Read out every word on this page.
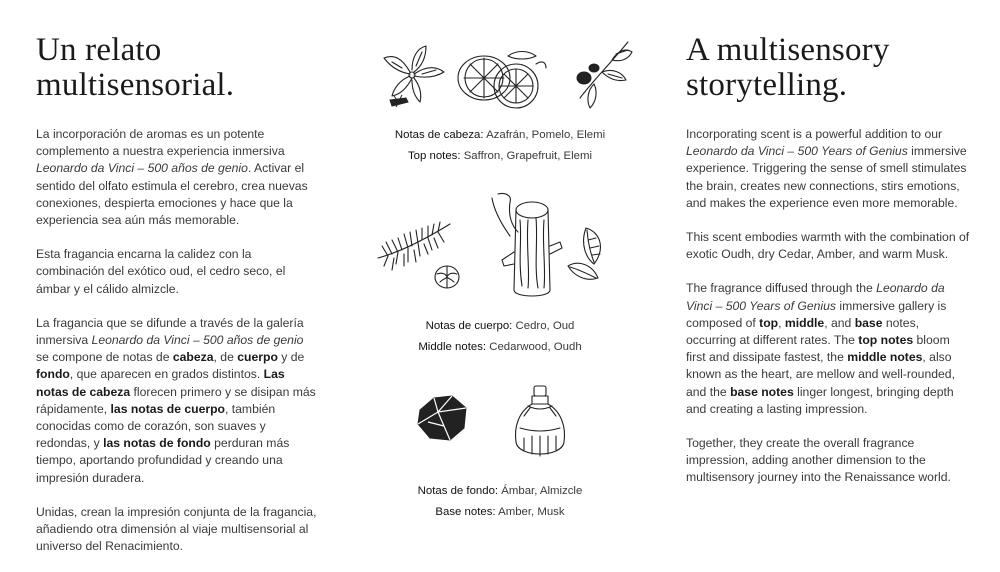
Un relato
multisensorial.

La incorporación de aromas es un potente complemento a nuestra experiencia inmersiva Leonardo da Vinci – 500 años de genio. Activar el sentido del olfato estimula el cerebro, crea nuevas conexiones, despierta emociones y hace que la experiencia sea aún más memorable.

Esta fragancia encarna la calidez con la combinación del exótico oud, el cedro seco, el ámbar y el cálido almizcle.

La fragancia que se difunde a través de la galería inmersiva Leonardo da Vinci – 500 años de genio se compone de notas de cabeza, de cuerpo y de fondo, que aparecen en grados distintos. Las notas de cabeza florecen primero y se disipan más rápidamente, las notas de cuerpo, también conocidas como de corazón, son suaves y redondas, y las notas de fondo perduran más tiempo, aportando profundidad y creando una impresión duradera.

Unidas, crean la impresión conjunta de la fragancia, añadiendo otra dimensión al viaje multisensorial al universo del Renacimiento.

Notas de cabeza: Azafrán, Pomelo, Elemi
Top notes: Saffron, Grapefruit, Elemi
Notas de cuerpo: Cedro, Oud
Middle notes: Cedarwood, Oudh
Notas de fondo: Ámbar, Almizcle
Base notes: Amber, Musk
A multisensory
storytelling.

Incorporating scent is a powerful addition to our Leonardo da Vinci – 500 Years of Genius immersive experience. Triggering the sense of smell stimulates the brain, creates new connections, stirs emotions, and makes the experience even more memorable.

This scent embodies warmth with the combination of exotic Oudh, dry Cedar, Amber, and warm Musk.

The fragrance diffused through the Leonardo da Vinci – 500 Years of Genius immersive gallery is composed of top, middle, and base notes, occurring at different rates. The top notes bloom first and dissipate fastest, the middle notes, also known as the heart, are mellow and well-rounded, and the base notes linger longest, bringing depth and creating a lasting impression.

Together, they create the overall fragrance impression, adding another dimension to the multisensory journey into the Renaissance world.
